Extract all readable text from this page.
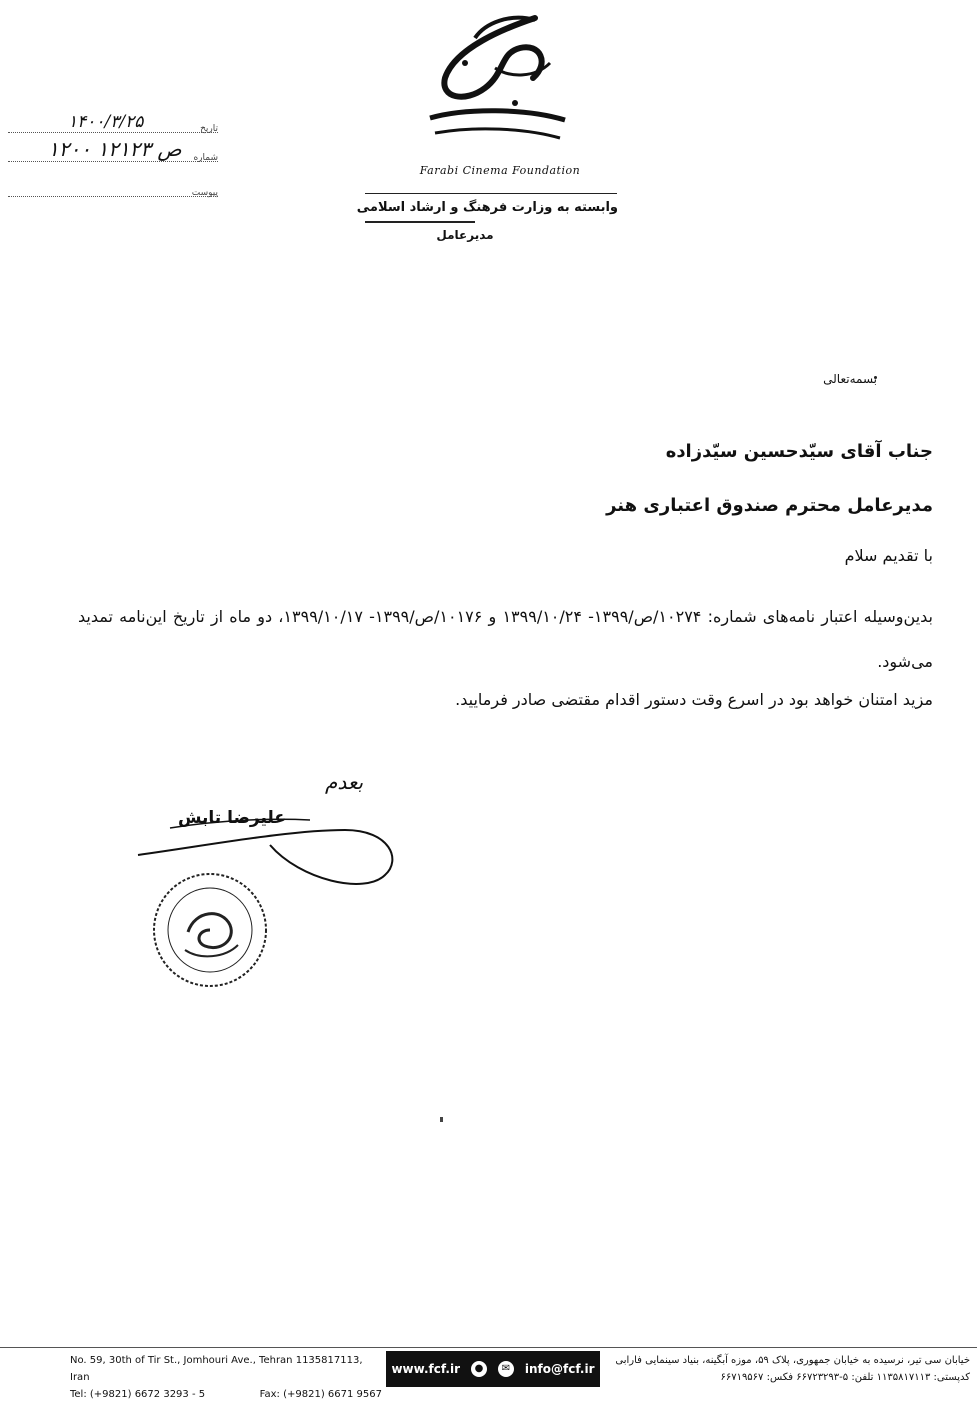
Farabi Cinema Foundation
وابسته به وزارت فرهنگ و ارشاد اسلامی
مدیرعامل
۱۴۰۰/۳/۲۵	تاریخ
۱۲۰۰ ص ۱۲۱۲۳ شماره
پیوست
بسمه‌تعالی
جناب آقای سیّدحسین سیّدزاده
مدیرعامل محترم صندوق اعتباری هنر
با تقدیم سلام
بدین‌وسیله اعتبار نامه‌های شماره: ۱۰۲۷۴/ص/۱۳۹۹- ۱۳۹۹/۱۰/۲۴ و ۱۰۱۷۶/ص/۱۳۹۹- ۱۳۹۹/۱۰/۱۷، دو ماه از تاریخ این‌نامه تمدید می‌شود.
مزید امتنان خواهد بود در اسرع وقت دستور اقدام مقتضی صادر فرمایید.
بعدم
علیرضا تابش
No. 59, 30th of Tir St., Jomhouri Ave., Tehran 1135817113, Iran
Tel: (+9821) 6672 3293 - 5	Fax: (+9821) 6671 9567
www.fcf.ir	●	✉	info@fcf.ir
خیابان سی تیر، نرسیده به خیابان جمهوری، پلاک ۵۹، موزه آبگینه، بنیاد سینمایی فارابی
کدپستی: ۱۱۳۵۸۱۷۱۱۳ تلفن: ۵-۶۶۷۲۳۲۹۳ فکس: ۶۶۷۱۹۵۶۷
